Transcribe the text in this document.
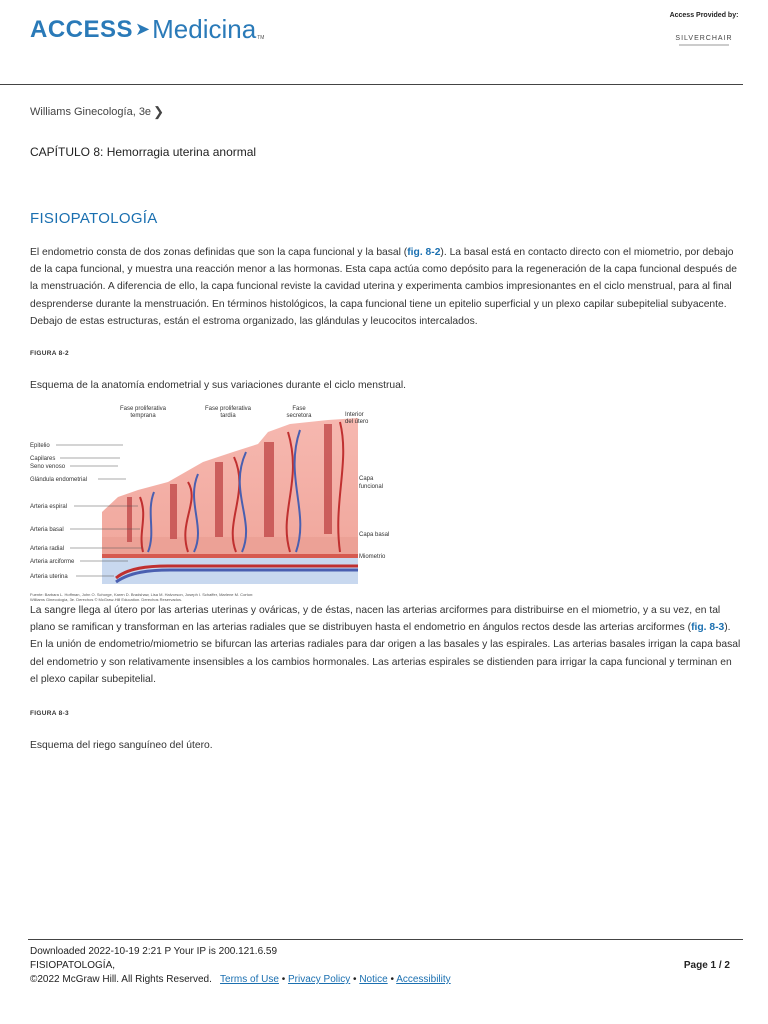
ACCESS ➤ Medicina TM
Access Provided by:
SILVERCHAIR
Williams Ginecología, 3e ❯
CAPÍTULO 8: Hemorragia uterina anormal
FISIOPATOLOGÍA

El endometrio consta de dos zonas definidas que son la capa funcional y la basal (fig. 8-2). La basal está en contacto directo con el miometrio, por debajo de la capa funcional, y muestra una reacción menor a las hormonas. Esta capa actúa como depósito para la regeneración de la capa funcional después de la menstruación. A diferencia de ello, la capa funcional reviste la cavidad uterina y experimenta cambios impresionantes en el ciclo menstrual, para al final desprenderse durante la menstruación. En términos histológicos, la capa funcional tiene un epitelio superficial y un plexo capilar subepitelial subyacente. Debajo de estas estructuras, están el estroma organizado, las glándulas y leucocitos intercalados.

FIGURA 8-2
Esquema de la anatomía endometrial y sus variaciones durante el ciclo menstrual.
Fase proliferativa
temprana
Fase proliferativa
tardía
Fase
secretora	Interior
del útero
Epitelio
Capilares
Seno venoso
Glándula endometrial
Arteria espiral
Arteria basal
Arteria radial
Arteria arciforme
Arteria uterina
Capa
funcional
Capa basal
Miometrio
Fuente: Barbara L. Hoffman, John O. Schorge, Karen D. Bradshaw, Lisa M. Halvorson, Joseph I. Schaffer, Marlene M. Corton:
Williams Ginecología, 3e. Derechos © McGraw-Hill Education. Derechos Reservados.

La sangre llega al útero por las arterias uterinas y ováricas, y de éstas, nacen las arterias arciformes para distribuirse en el miometrio, y a su vez, en tal plano se ramifican y transforman en las arterias radiales que se distribuyen hasta el endometrio en ángulos rectos desde las arterias arciformes (fig. 8-3). En la unión de endometrio/miometrio se bifurcan las arterias radiales para dar origen a las basales y las espirales. Las arterias basales irrigan la capa basal del endometrio y son relativamente insensibles a los cambios hormonales. Las arterias espirales se distienden para irrigar la capa funcional y terminan en el plexo capilar subepitelial.

FIGURA 8-3
Esquema del riego sanguíneo del útero.
Downloaded 2022-10-19 2:21 P Your IP is 200.121.6.59
FISIOPATOLOGÍA,
©2022 McGraw Hill. All Rights Reserved. Terms of Use • Privacy Policy • Notice • Accessibility
Page 1 / 2
